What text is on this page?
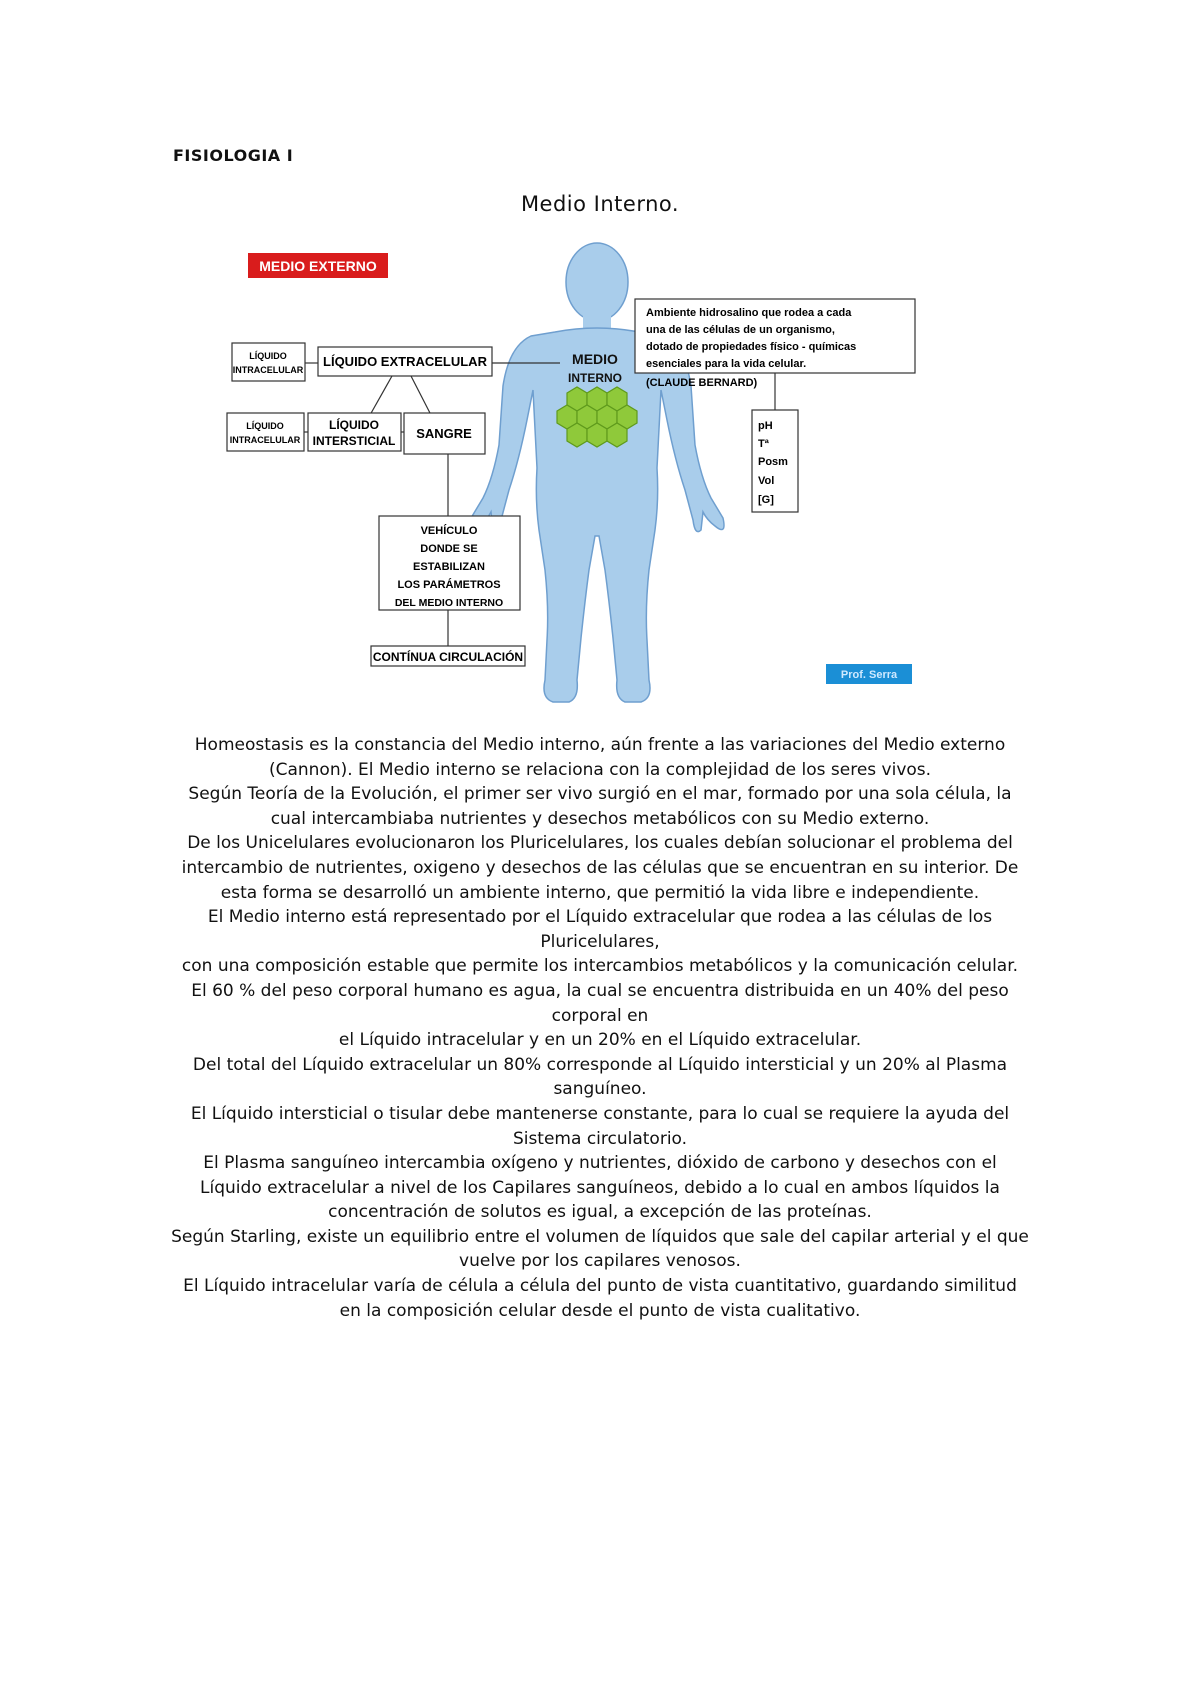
FISIOLOGIA I
Medio Interno.
MEDIO EXTERNO
MEDIO
INTERNO
LÍQUIDO
INTRACELULAR
LÍQUIDO EXTRACELULAR
LÍQUIDO
INTRACELULAR
LÍQUIDO
INTERSTICIAL SANGRE
Ambiente hidrosalino que rodea a cada
una de las células de un organismo,
dotado de propiedades físico - químicas
esenciales para la vida celular.
(CLAUDE BERNARD)
pH
Tª
Posm
Vol
[G]
VEHÍCULO
DONDE SE
ESTABILIZAN
LOS PARÁMETROS
DEL MEDIO INTERNO
CONTÍNUA CIRCULACIÓN
Prof. Serra

Homeostasis es la constancia del Medio interno, aún frente a las variaciones del Medio externo (Cannon). El Medio interno se relaciona con la complejidad de los seres vivos.

Según Teoría de la Evolución, el primer ser vivo surgió en el mar, formado por una sola célula, la cual intercambiaba nutrientes y desechos metabólicos con su Medio externo.

De los Unicelulares evolucionaron los Pluricelulares, los cuales debían solucionar el problema del intercambio de nutrientes, oxigeno y desechos de las células que se encuentran en su interior. De esta forma se desarrolló un ambiente interno, que permitió la vida libre e independiente.

El Medio interno está representado por el Líquido extracelular que rodea a las células de los Pluricelulares,

con una composición estable que permite los intercambios metabólicos y la comunicación celular.

El 60 % del peso corporal humano es agua, la cual se encuentra distribuida en un 40% del peso corporal en

el Líquido intracelular y en un 20% en el Líquido extracelular.

Del total del Líquido extracelular un 80% corresponde al Líquido intersticial y un 20% al Plasma sanguíneo.

El Líquido intersticial o tisular debe mantenerse constante, para lo cual se requiere la ayuda del Sistema circulatorio.

El Plasma sanguíneo intercambia oxígeno y nutrientes, dióxido de carbono y desechos con el Líquido extracelular a nivel de los Capilares sanguíneos, debido a lo cual en ambos líquidos la concentración de solutos es igual, a excepción de las proteínas.

Según Starling, existe un equilibrio entre el volumen de líquidos que sale del capilar arterial y el que vuelve por los capilares venosos.

El Líquido intracelular varía de célula a célula del punto de vista cuantitativo, guardando similitud en la composición celular desde el punto de vista cualitativo.
